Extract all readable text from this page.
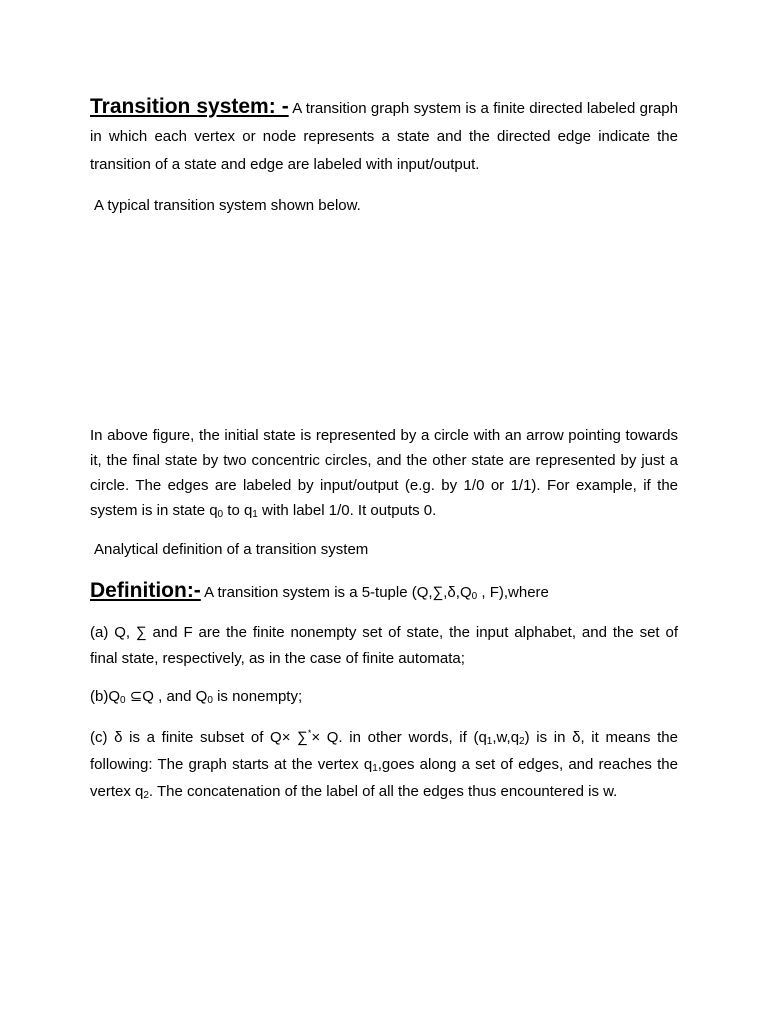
Transition system: - A transition graph system is a finite directed labeled graph in which each vertex or node represents a state and the directed edge indicate the transition of a state and edge are labeled with input/output.

A typical transition system shown below.

In above figure, the initial state is represented by a circle with an arrow pointing towards it, the final state by two concentric circles, and the other state are represented by just a circle. The edges are labeled by input/output (e.g. by 1/0 or 1/1). For example, if the system is in state $q_0$ to $q_1$ with label 1/0. It outputs 0.

Analytical definition of a transition system

Definition:- A transition system is a 5-tuple ($Q,\sum,\delta,Q_0$ , F),where

(a) Q, ∑ and F are the finite nonempty set of state, the input alphabet, and the set of final state, respectively, as in the case of finite automata;

$(b)Q_0$ ⊆Q , and $Q_0$ is nonempty;

(c) δ is a finite subset of Q× ∑*× Q. in other words, if $(q_1,w,q_2)$ is in δ, it means the following: The graph starts at the vertex $q_1,goes$ along a set of edges, and reaches the vertex $q_2$. The concatenation of the label of all the edges thus encountered is w.
